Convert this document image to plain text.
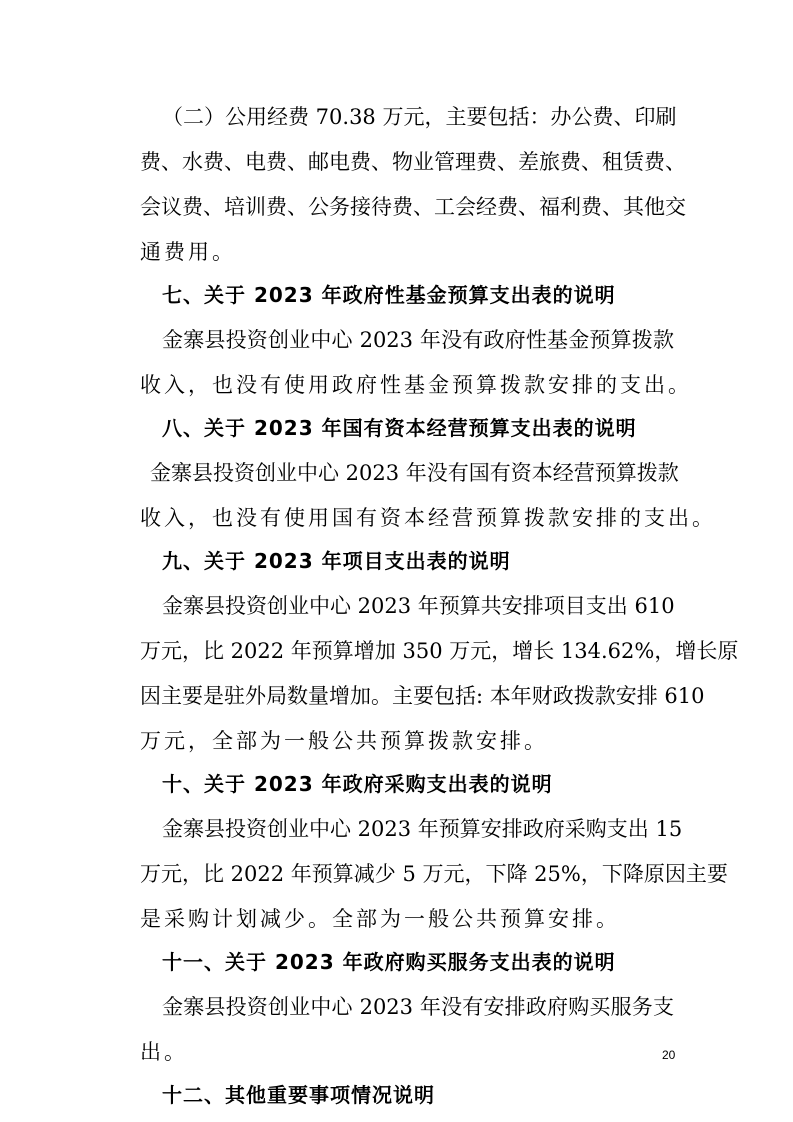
（二）公用经费 70.38 万元，主要包括：办公费、印刷
费、水费、电费、邮电费、物业管理费、差旅费、租赁费、
会议费、培训费、公务接待费、工会经费、福利费、其他交
通费用。
七、关于 2023 年政府性基金预算支出表的说明
金寨县投资创业中心 2023 年没有政府性基金预算拨款
收入，也没有使用政府性基金预算拨款安排的支出。
八、关于 2023 年国有资本经营预算支出表的说明
金寨县投资创业中心 2023 年没有国有资本经营预算拨款
收入，也没有使用国有资本经营预算拨款安排的支出。
九、关于 2023 年项目支出表的说明
金寨县投资创业中心 2023 年预算共安排项目支出 610
万元，比 2022 年预算增加 350 万元，增长 134.62%，增长原
因主要是驻外局数量增加。主要包括: 本年财政拨款安排 610
万元，全部为一般公共预算拨款安排。
十、关于 2023 年政府采购支出表的说明
金寨县投资创业中心 2023 年预算安排政府采购支出 15
万元，比 2022 年预算减少 5 万元，下降 25%，下降原因主要
是采购计划减少。全部为一般公共预算安排。
十一、关于 2023 年政府购买服务支出表的说明
金寨县投资创业中心 2023 年没有安排政府购买服务支
出。
十二、其他重要事项情况说明
20
